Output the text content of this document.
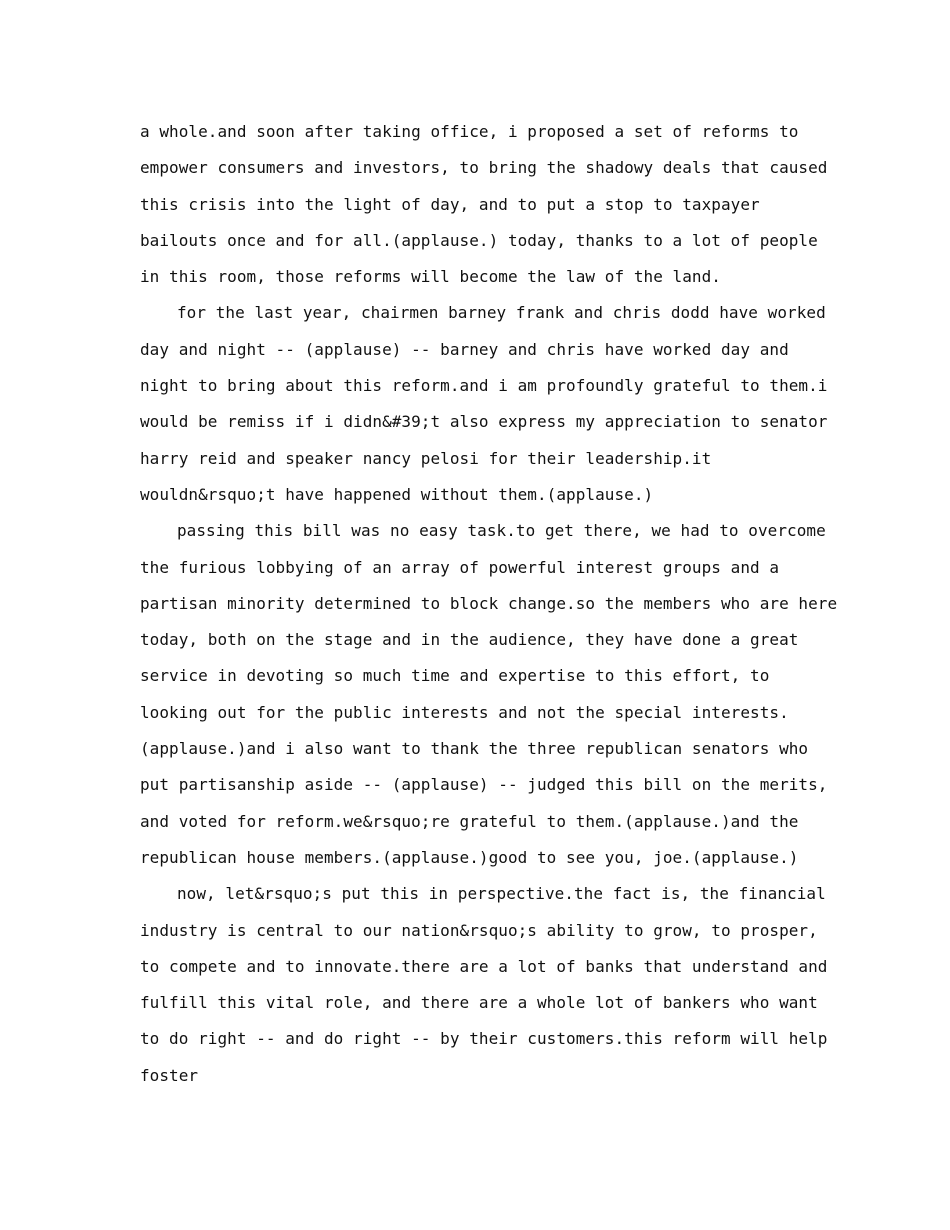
a whole.and soon after taking office, i proposed a set of reforms to
empower consumers and investors, to bring the shadowy deals that caused
this crisis into the light of day, and to put a stop to taxpayer
bailouts once and for all.(applause.) today, thanks to a lot of people
in this room, those reforms will become the law of the land.
for the last year, chairmen barney frank and chris dodd have worked
day and night -- (applause) -- barney and chris have worked day and
night to bring about this reform.and i am profoundly grateful to them.i
would be remiss if i didn&#39;t also express my appreciation to senator
harry reid and speaker nancy pelosi for their leadership.it
wouldn&rsquo;t have happened without them.(applause.)
passing this bill was no easy task.to get there, we had to overcome
the furious lobbying of an array of powerful interest groups and a
partisan minority determined to block change.so the members who are here
today, both on the stage and in the audience, they have done a great
service in devoting so much time and expertise to this effort, to
looking out for the public interests and not the special interests.
(applause.)and i also want to thank the three republican senators who
put partisanship aside -- (applause) -- judged this bill on the merits,
and voted for reform.we&rsquo;re grateful to them.(applause.)and the
republican house members.(applause.)good to see you, joe.(applause.)
now, let&rsquo;s put this in perspective.the fact is, the financial
industry is central to our nation&rsquo;s ability to grow, to prosper,
to compete and to innovate.there are a lot of banks that understand and
fulfill this vital role, and there are a whole lot of bankers who want
to do right -- and do right -- by their customers.this reform will help
foster
